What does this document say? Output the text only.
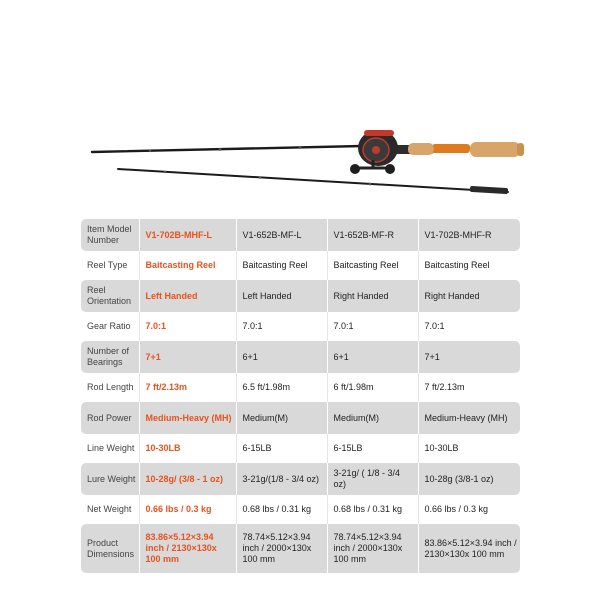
Item Model Number	V1-702B-MHF-L	V1-652B-MF-L	V1-652B-MF-R	V1-702B-MHF-R
Reel Type	Baitcasting Reel	Baitcasting Reel	Baitcasting Reel	Baitcasting Reel
Reel Orientation	Left Handed	Left Handed	Right Handed	Right Handed
Gear Ratio	7.0:1	7.0:1	7.0:1	7.0:1
Number of Bearings	7+1	6+1	6+1	7+1
Rod Length	7 ft/2.13m	6.5 ft/1.98m	6 ft/1.98m	7 ft/2.13m
Rod Power	Medium-Heavy (MH)	Medium(M)	Medium(M)	Medium-Heavy (MH)
Line Weight	10-30LB	6-15LB	6-15LB	10-30LB
Lure Weight	10-28g/ (3/8 - 1 oz)	3-21g/(1/8 - 3/4 oz)	3-21g/ ( 1/8 - 3/4 oz)	10-28g (3/8-1 oz)
Net Weight	0.66 lbs / 0.3 kg	0.68 lbs / 0.31 kg	0.68 lbs / 0.31 kg	0.66 lbs / 0.3 kg
Product Dimensions	83.86×5.12×3.94 inch / 2130×130x 100 mm	78.74×5.12×3.94 inch / 2000×130x 100 mm	78.74×5.12×3.94 inch / 2000×130x 100 mm	83.86×5.12×3.94 inch / 2130×130x 100 mm
